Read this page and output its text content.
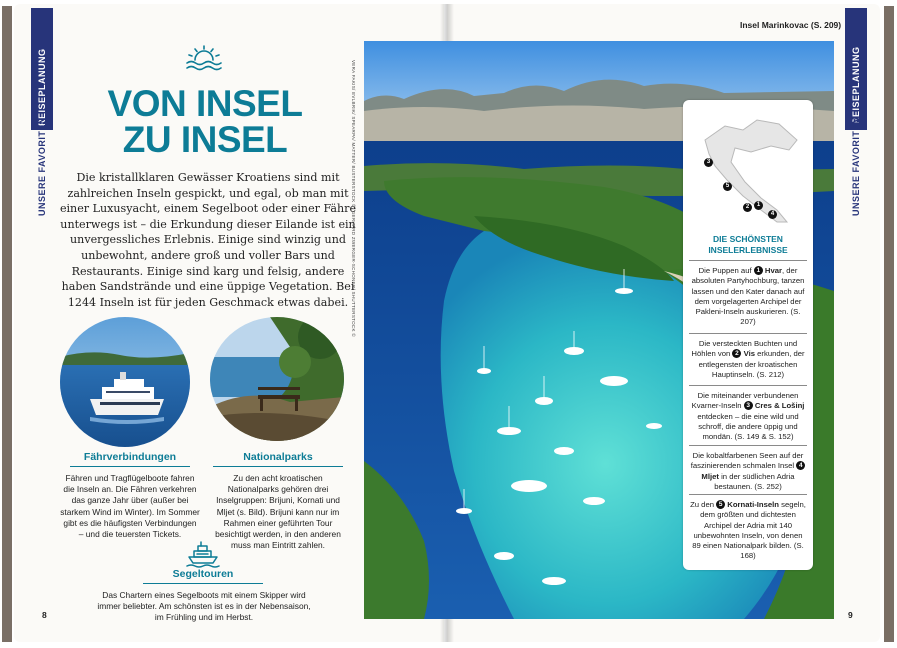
REISEPLANUNG
UNSERE FAVORITEN
VON INSEL
ZU INSEL
Die kristallklaren Gewässer Kroatiens sind mit zahlreichen Inseln gespickt, und egal, ob man mit einer Luxusyacht, einem Segelboot oder einer Fähre unterwegs ist – die Erkundung dieser Eilande ist ein unvergessliches Erlebnis. Einige sind winzig und unbewohnt, andere groß und voller Bars und Restaurants. Einige sind karg und felsig, andere haben Sandstrände und eine üppige Vegetation. Bei 1244 Inseln ist für jeden Geschmack etwas dabei.
Fährverbindungen
Fähren und Tragflügelboote fahren die Inseln an. Die Fähren verkehren das ganze Jahr über (außer bei starkem Wind im Winter). Im Sommer gibt es die häufigsten Verbindungen – und die teuersten Tickets.
Nationalparks
Zu den acht kroatischen Nationalparks gehören drei Inselgruppen: Brijuni, Kornati und Mljet (s. Bild). Brijuni kann nur im Rahmen einer geführten Tour besichtigt werden, in den anderen muss man Eintritt zahlen.
Segeltouren
Das Chartern eines Segelboots mit einem Skipper wird immer beliebter. Am schönsten ist es in der Nebensaison, im Frühling und im Herbst.
8
Insel Marinkovac (S. 209)
REISEPLANUNG
UNSERE FAVORITEN
VERA FAKIS/ EVLBRIK/ SPEARPA/ MATTER/ BUSTERSTOCK ©; GERHARD ZWERGER-SCHONER/ SHUTTERSTOCK ©	3
5
2	1
4
DIE SCHÖNSTEN
INSELERLEBNISSE
Die Puppen auf 1 Hvar, der absoluten Partyhochburg, tanzen lassen und den Kater danach auf dem vorgelagerten Archipel der Pakleni-Inseln auskurieren. (S. 207)
Die versteckten Buchten und Höhlen von 2 Vis erkunden, der entlegensten der kroatischen Hauptinseln. (S. 212)
Die miteinander verbundenen Kvarner-Inseln 3 Cres & Lošinj entdecken – die eine wild und schroff, die andere üppig und mondän. (S. 149 & S. 152)
Die kobaltfarbenen Seen auf der faszinierenden schmalen Insel 4 Mljet in der südlichen Adria bestaunen. (S. 252)
Zu den 5 Kornati-Inseln segeln, dem größten und dichtesten Archipel der Adria mit 140 unbewohnten Inseln, von denen 89 einen Nationalpark bilden. (S. 168)
9
